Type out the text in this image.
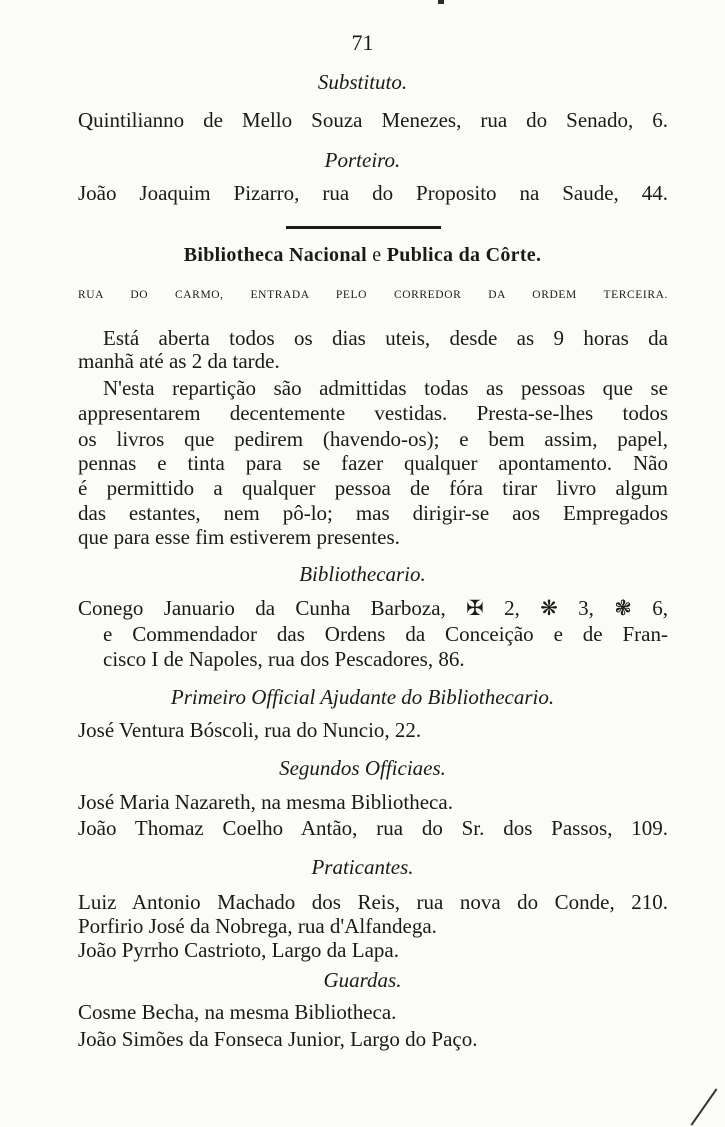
71
Substituto.
Quintilianno de Mello Souza Menezes, rua do Senado, 6.
Porteiro.
João Joaquim Pizarro, rua do Proposito na Saude, 44.
Bibliotheca Nacional e Publica da Côrte.
RUA DO CARMO, ENTRADA PELO CORREDOR DA ORDEM TERCEIRA.
Está aberta todos os dias uteis, desde as 9 horas da
manhã até as 2 da tarde.
N'esta repartição são admittidas todas as pessoas que se
appresentarem decentemente vestidas. Presta-se-lhes todos
os livros que pedirem (havendo-os); e bem assim, papel,
pennas e tinta para se fazer qualquer apontamento. Não
é permittido a qualquer pessoa de fóra tirar livro algum
das estantes, nem pô-lo; mas dirigir-se aos Empregados
que para esse fim estiverem presentes.
Bibliothecario.
Conego Januario da Cunha Barboza, ✠ 2, ❋ 3, ❃ 6,
e Commendador das Ordens da Conceição e de Fran-
cisco I de Napoles, rua dos Pescadores, 86.
Primeiro Official Ajudante do Bibliothecario.
José Ventura Bóscoli, rua do Nuncio, 22.
Segundos Officiaes.
José Maria Nazareth, na mesma Bibliotheca.
João Thomaz Coelho Antão, rua do Sr. dos Passos, 109.
Praticantes.
Luiz Antonio Machado dos Reis, rua nova do Conde, 210.
Porfirio José da Nobrega, rua d'Alfandega.
João Pyrrho Castrioto, Largo da Lapa.
Guardas.
Cosme Becha, na mesma Bibliotheca.
João Simões da Fonseca Junior, Largo do Paço.
